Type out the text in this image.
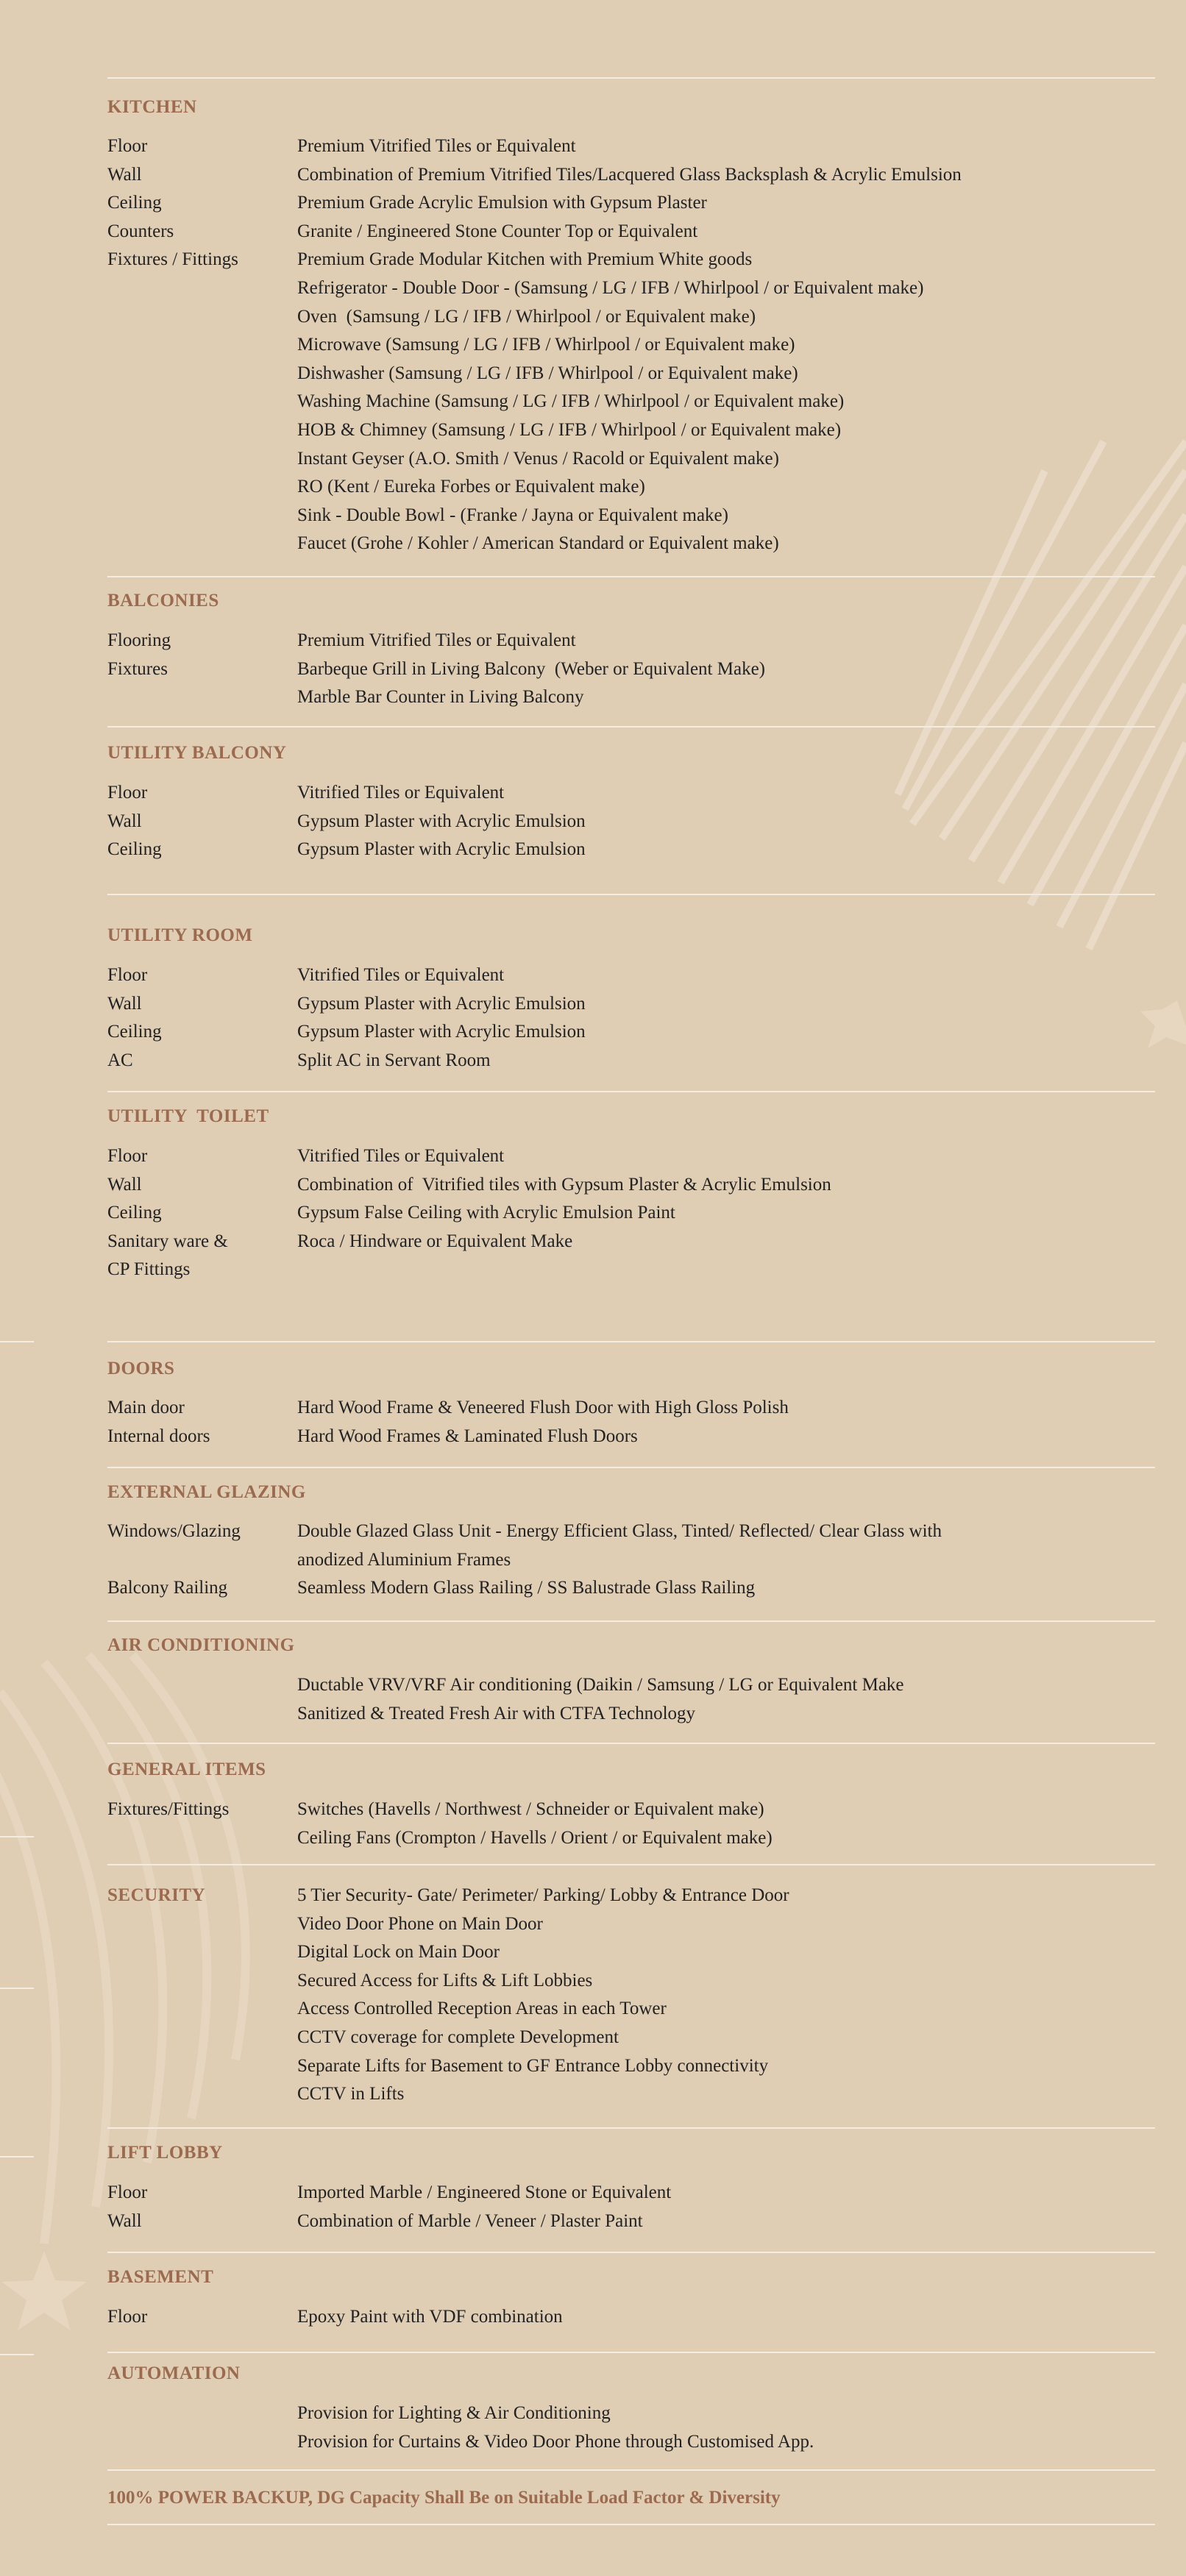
KITCHEN
Floor	Premium Vitrified Tiles or Equivalent
Wall	Combination of Premium Vitrified Tiles/Lacquered Glass Backsplash & Acrylic Emulsion
Ceiling	Premium Grade Acrylic Emulsion with Gypsum Plaster
Counters	Granite / Engineered Stone Counter Top or Equivalent
Fixtures / Fittings	Premium Grade Modular Kitchen with Premium White goods
Refrigerator - Double Door - (Samsung / LG / IFB / Whirlpool / or Equivalent make)
Oven  (Samsung / LG / IFB / Whirlpool / or Equivalent make)
Microwave (Samsung / LG / IFB / Whirlpool / or Equivalent make)
Dishwasher (Samsung / LG / IFB / Whirlpool / or Equivalent make)
Washing Machine (Samsung / LG / IFB / Whirlpool / or Equivalent make)
HOB & Chimney (Samsung / LG / IFB / Whirlpool / or Equivalent make)
Instant Geyser (A.O. Smith / Venus / Racold or Equivalent make)
RO (Kent / Eureka Forbes or Equivalent make)
Sink - Double Bowl - (Franke / Jayna or Equivalent make)
Faucet (Grohe / Kohler / American Standard or Equivalent make)
BALCONIES
Flooring	Premium Vitrified Tiles or Equivalent
Fixtures	Barbeque Grill in Living Balcony  (Weber or Equivalent Make)
Marble Bar Counter in Living Balcony
UTILITY BALCONY
Floor	Vitrified Tiles or Equivalent
Wall	Gypsum Plaster with Acrylic Emulsion
Ceiling	Gypsum Plaster with Acrylic Emulsion
UTILITY ROOM
Floor	Vitrified Tiles or Equivalent
Wall	Gypsum Plaster with Acrylic Emulsion
Ceiling	Gypsum Plaster with Acrylic Emulsion
AC	Split AC in Servant Room
UTILITY  TOILET
Floor	Vitrified Tiles or Equivalent
Wall	Combination of  Vitrified tiles with Gypsum Plaster & Acrylic Emulsion
Ceiling	Gypsum False Ceiling with Acrylic Emulsion Paint
Sanitary ware &	Roca / Hindware or Equivalent Make
CP Fittings
DOORS
Main door	Hard Wood Frame & Veneered Flush Door with High Gloss Polish
Internal doors	Hard Wood Frames & Laminated Flush Doors
EXTERNAL GLAZING
Windows/Glazing	Double Glazed Glass Unit - Energy Efficient Glass, Tinted/ Reflected/ Clear Glass with
anodized Aluminium Frames
Balcony Railing	Seamless Modern Glass Railing / SS Balustrade Glass Railing
AIR CONDITIONING
Ductable VRV/VRF Air conditioning (Daikin / Samsung / LG or Equivalent Make
Sanitized & Treated Fresh Air with CTFA Technology
GENERAL ITEMS
Fixtures/Fittings	Switches (Havells / Northwest / Schneider or Equivalent make)
Ceiling Fans (Crompton / Havells / Orient / or Equivalent make)
SECURITY	5 Tier Security- Gate/ Perimeter/ Parking/ Lobby & Entrance Door
Video Door Phone on Main Door
Digital Lock on Main Door
Secured Access for Lifts & Lift Lobbies
Access Controlled Reception Areas in each Tower
CCTV coverage for complete Development
Separate Lifts for Basement to GF Entrance Lobby connectivity
CCTV in Lifts
LIFT LOBBY
Floor	Imported Marble / Engineered Stone or Equivalent
Wall	Combination of Marble / Veneer / Plaster Paint
BASEMENT
Floor	Epoxy Paint with VDF combination
AUTOMATION
Provision for Lighting & Air Conditioning
Provision for Curtains & Video Door Phone through Customised App.
100% POWER BACKUP, DG Capacity Shall Be on Suitable Load Factor & Diversity
